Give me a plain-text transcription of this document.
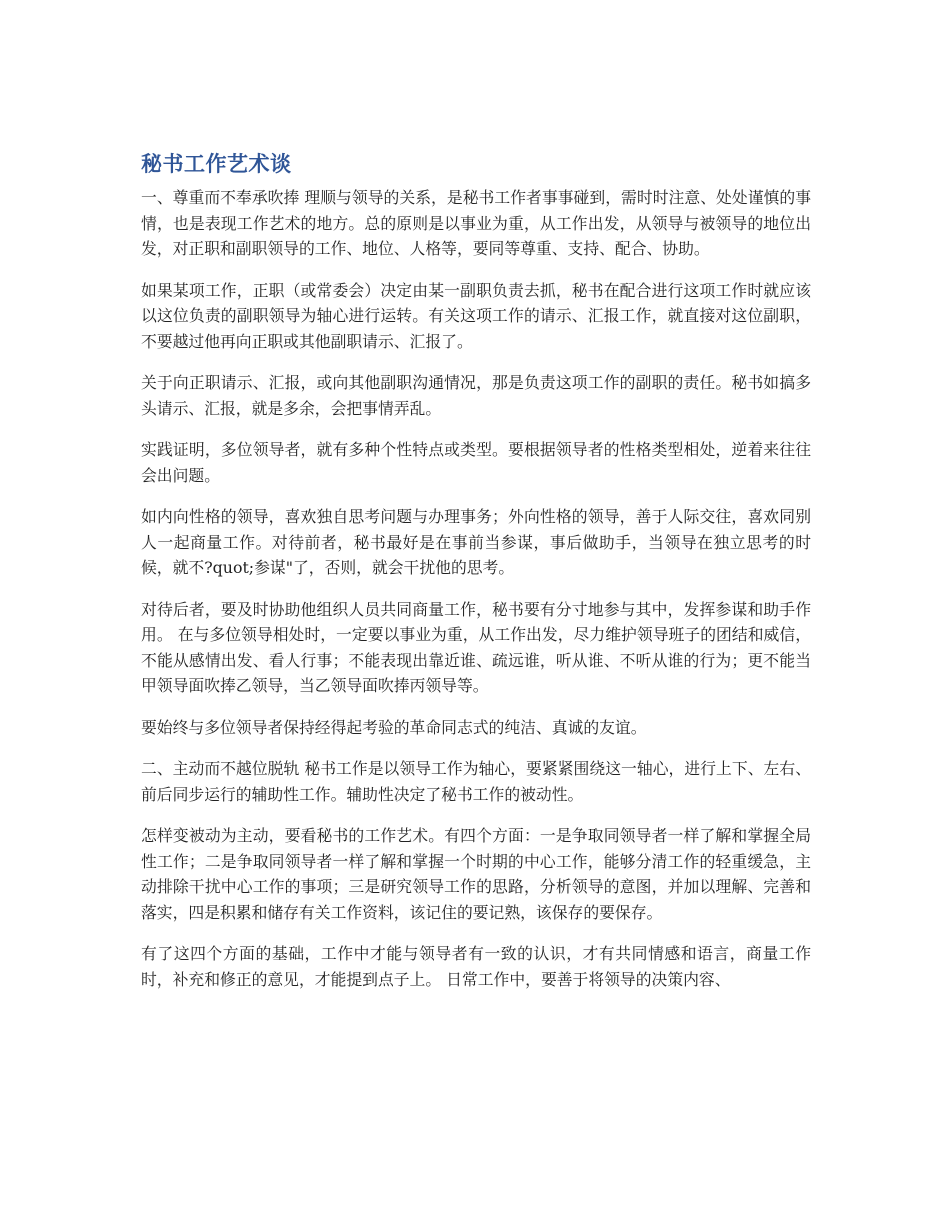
秘书工作艺术谈

一、尊重而不奉承吹捧 理顺与领导的关系，是秘书工作者事事碰到，需时时注意、处处谨慎的事情，也是表现工作艺术的地方。总的原则是以事业为重，从工作出发，从领导与被领导的地位出发，对正职和副职领导的工作、地位、人格等，要同等尊重、支持、配合、协助。

如果某项工作，正职（或常委会）决定由某一副职负责去抓，秘书在配合进行这项工作时就应该以这位负责的副职领导为轴心进行运转。有关这项工作的请示、汇报工作，就直接对这位副职，不要越过他再向正职或其他副职请示、汇报了。

关于向正职请示、汇报，或向其他副职沟通情况，那是负责这项工作的副职的责任。秘书如搞多头请示、汇报，就是多余，会把事情弄乱。

实践证明，多位领导者，就有多种个性特点或类型。要根据领导者的性格类型相处，逆着来往往会出问题。

如内向性格的领导，喜欢独自思考问题与办理事务；外向性格的领导，善于人际交往，喜欢同别人一起商量工作。对待前者，秘书最好是在事前当参谋，事后做助手，当领导在独立思考的时候，就不?quot;参谋"了，否则，就会干扰他的思考。

对待后者，要及时协助他组织人员共同商量工作，秘书要有分寸地参与其中，发挥参谋和助手作用。 在与多位领导相处时，一定要以事业为重，从工作出发，尽力维护领导班子的团结和威信，不能从感情出发、看人行事；不能表现出靠近谁、疏远谁，听从谁、不听从谁的行为；更不能当甲领导面吹捧乙领导，当乙领导面吹捧丙领导等。

要始终与多位领导者保持经得起考验的革命同志式的纯洁、真诚的友谊。

二、主动而不越位脱轨 秘书工作是以领导工作为轴心，要紧紧围绕这一轴心，进行上下、左右、前后同步运行的辅助性工作。辅助性决定了秘书工作的被动性。

怎样变被动为主动，要看秘书的工作艺术。有四个方面：一是争取同领导者一样了解和掌握全局性工作；二是争取同领导者一样了解和掌握一个时期的中心工作，能够分清工作的轻重缓急，主动排除干扰中心工作的事项；三是研究领导工作的思路，分析领导的意图，并加以理解、完善和落实，四是积累和储存有关工作资料，该记住的要记熟，该保存的要保存。

有了这四个方面的基础，工作中才能与领导者有一致的认识，才有共同情感和语言，商量工作时，补充和修正的意见，才能提到点子上。 日常工作中，要善于将领导的决策内容、
